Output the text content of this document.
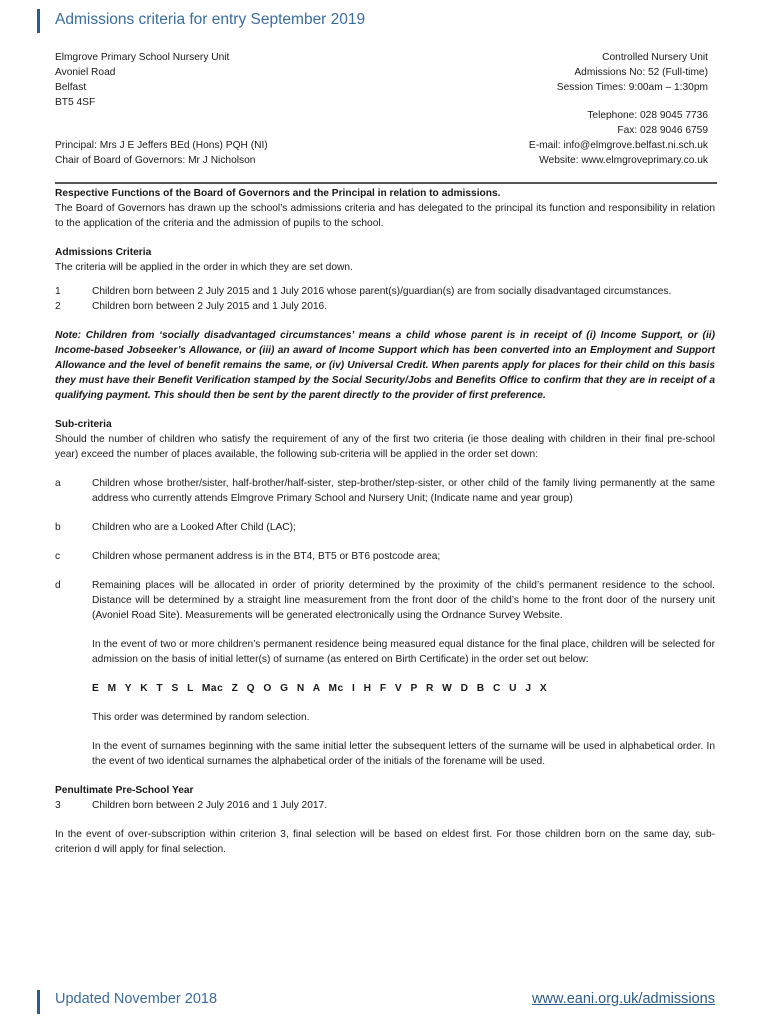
Admissions criteria for entry September 2019
Elmgrove Primary School Nursery Unit
Avoniel Road
Belfast
BT5 4SF
Controlled Nursery Unit
Admissions No: 52 (Full-time)
Session Times: 9:00am – 1:30pm
Telephone: 028 9045 7736
Fax: 028 9046 6759
E-mail: info@elmgrove.belfast.ni.sch.uk
Website: www.elmgroveprimary.co.uk
Principal: Mrs J E Jeffers BEd (Hons) PQH (NI)
Chair of Board of Governors: Mr J Nicholson

Respective Functions of the Board of Governors and the Principal in relation to admissions.

The Board of Governors has drawn up the school’s admissions criteria and has delegated to the principal its function and responsibility in relation to the application of the criteria and the admission of pupils to the school.

Admissions Criteria

The criteria will be applied in the order in which they are set down.

1	Children born between 2 July 2015 and 1 July 2016 whose parent(s)/guardian(s) are from socially disadvantaged circumstances.
2	Children born between 2 July 2015 and 1 July 2016.

Note: Children from ‘socially disadvantaged circumstances’ means a child whose parent is in receipt of (i) Income Support, or (ii) Income-based Jobseeker’s Allowance, or (iii) an award of Income Support which has been converted into an Employment and Support Allowance and the level of benefit remains the same, or (iv) Universal Credit. When parents apply for places for their child on this basis they must have their Benefit Verification stamped by the Social Security/Jobs and Benefits Office to confirm that they are in receipt of a qualifying payment. This should then be sent by the parent directly to the provider of first preference.

Sub-criteria

Should the number of children who satisfy the requirement of any of the first two criteria (ie those dealing with children in their final pre-school year) exceed the number of places available, the following sub-criteria will be applied in the order set down:

a	Children whose brother/sister, half-brother/half-sister, step-brother/step-sister, or other child of the family living permanently at the same address who currently attends Elmgrove Primary School and Nursery Unit; (Indicate name and year group)
b	Children who are a Looked After Child (LAC);
c	Children whose permanent address is in the BT4, BT5 or BT6 postcode area;
d	Remaining places will be allocated in order of priority determined by the proximity of the child’s permanent residence to the school. Distance will be determined by a straight line measurement from the front door of the child’s home to the front door of the nursery unit (Avoniel Road Site). Measurements will be generated electronically using the Ordnance Survey Website.
In the event of two or more children’s permanent residence being measured equal distance for the final place, children will be selected for admission on the basis of initial letter(s) of surname (as entered on Birth Certificate) in the order set out below:
E M Y K T S L Mac Z Q O G N A Mc I H F V P R W D B C U J X
This order was determined by random selection.
In the event of surnames beginning with the same initial letter the subsequent letters of the surname will be used in alphabetical order. In the event of two identical surnames the alphabetical order of the initials of the forename will be used.

Penultimate Pre-School Year

3	Children born between 2 July 2016 and 1 July 2017.

In the event of over-subscription within criterion 3, final selection will be based on eldest first. For those children born on the same day, sub-criterion d will apply for final selection.

Updated November 2018	www.eani.org.uk/admissions
